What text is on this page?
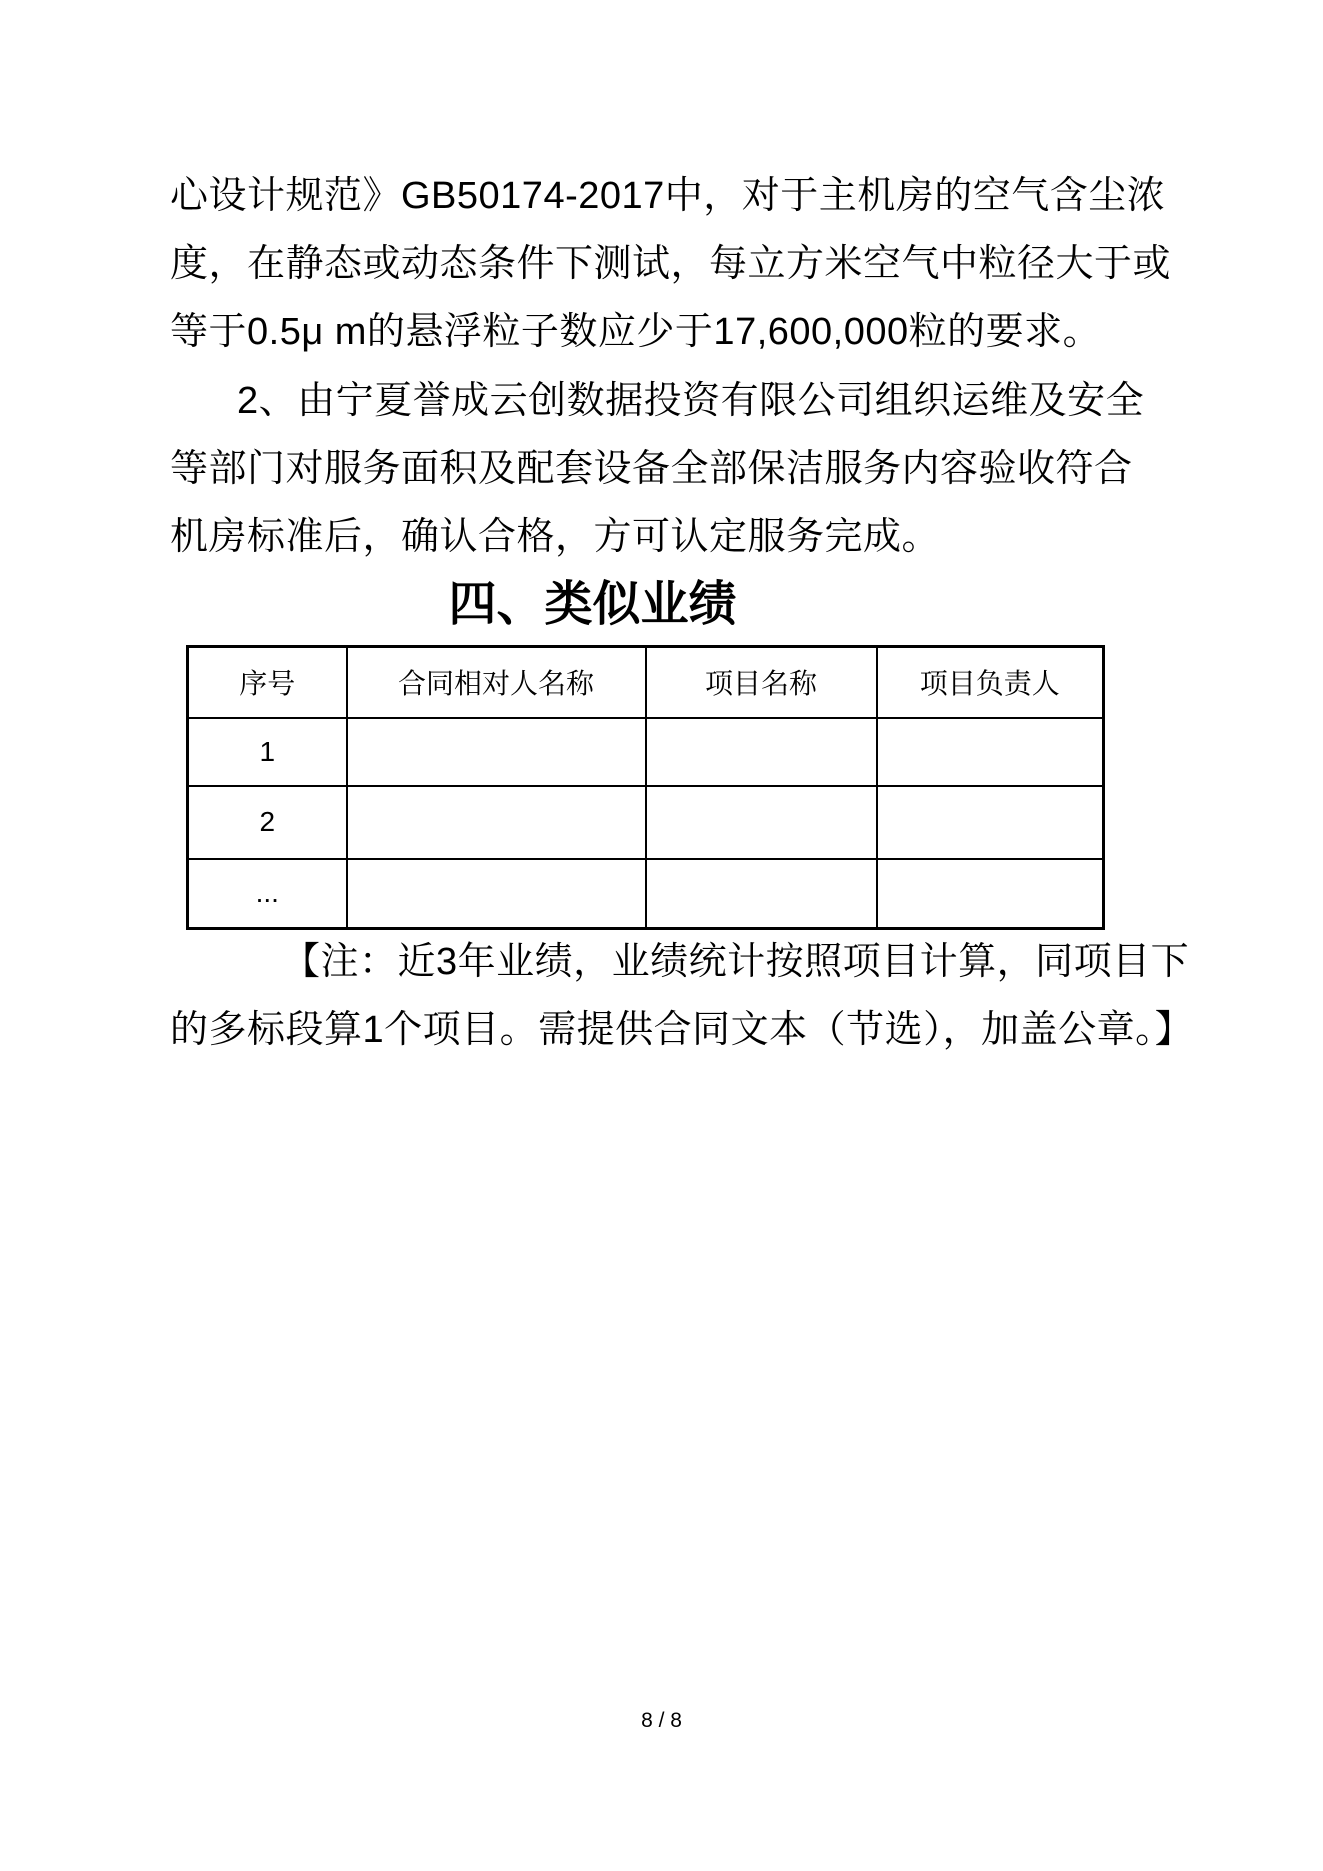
心设计规范》GB50174-2017中，对于主机房的空气含尘浓
度，在静态或动态条件下测试，每立方米空气中粒径大于或
等于0.5μ m的悬浮粒子数应少于17,600,000粒的要求。
2、由宁夏誉成云创数据投资有限公司组织运维及安全
等部门对服务面积及配套设备全部保洁服务内容验收符合
机房标准后，确认合格，方可认定服务完成。
四、类似业绩
序号	合同相对人名称	项目名称	项目负责人
1			
2			
...			
【注：近3年业绩，业绩统计按照项目计算，同项目下
的多标段算1个项目。需提供合同文本（节选），加盖公章。】
8 / 8
